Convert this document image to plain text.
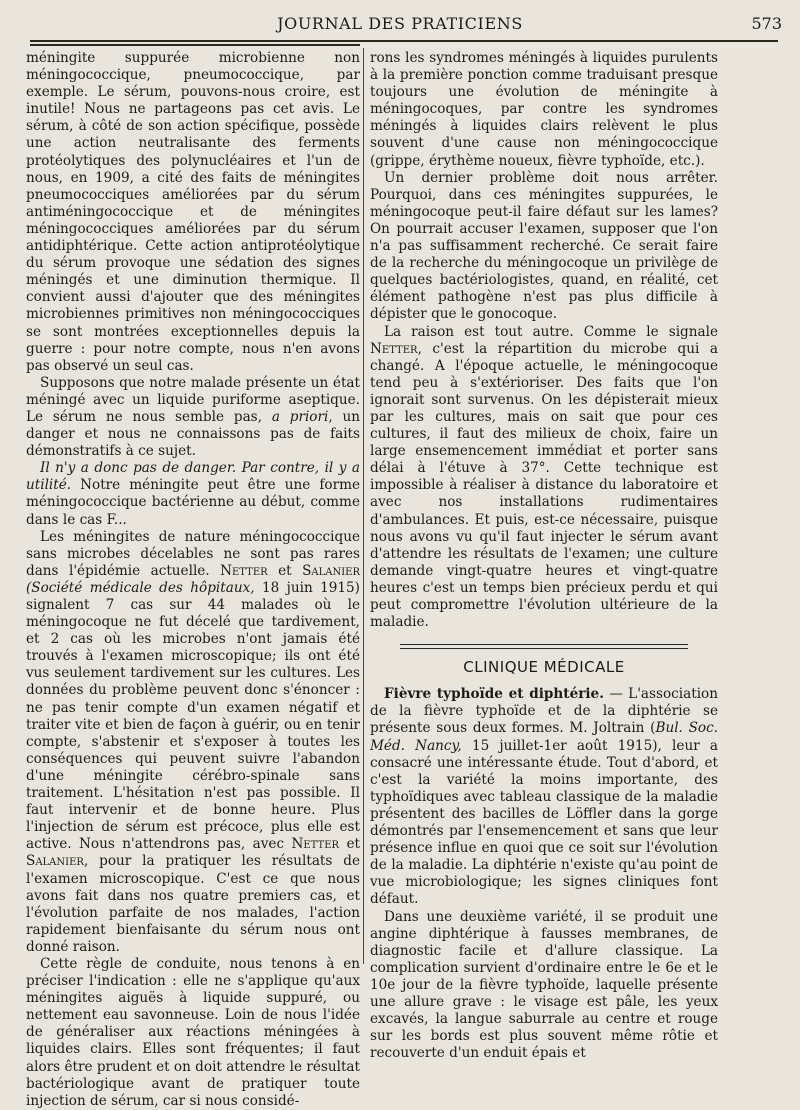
JOURNAL DES PRATICIENS	573

méningite suppurée microbienne non méningococcique, pneumococcique, par exemple. Le sérum, pouvons-nous croire, est inutile! Nous ne partageons pas cet avis. Le sérum, à côté de son action spécifique, possède une action neutralisante des ferments protéolytiques des polynucléaires et l'un de nous, en 1909, a cité des faits de méningites pneumococciques améliorées par du sérum antiméningococcique et de méningites méningococciques améliorées par du sérum antidiphtérique. Cette action antiprotéolytique du sérum provoque une sédation des signes méningés et une diminution thermique. Il convient aussi d'ajouter que des méningites microbiennes primitives non méningococciques se sont montrées exceptionnelles depuis la guerre : pour notre compte, nous n'en avons pas observé un seul cas.

Supposons que notre malade présente un état méningé avec un liquide puriforme aseptique. Le sérum ne nous semble pas, a priori, un danger et nous ne connaissons pas de faits démonstratifs à ce sujet.

Il n'y a donc pas de danger. Par contre, il y a utilité. Notre méningite peut être une forme méningococcique bactérienne au début, comme dans le cas F...

Les méningites de nature méningococcique sans microbes décelables ne sont pas rares dans l'épidémie actuelle. Netter et Salanier (Société médicale des hôpitaux, 18 juin 1915) signalent 7 cas sur 44 malades où le méningocoque ne fut décelé que tardivement, et 2 cas où les microbes n'ont jamais été trouvés à l'examen microscopique; ils ont été vus seulement tardivement sur les cultures. Les données du problème peuvent donc s'énoncer : ne pas tenir compte d'un examen négatif et traiter vite et bien de façon à guérir, ou en tenir compte, s'abstenir et s'exposer à toutes les conséquences qui peuvent suivre l'abandon d'une méningite cérébro-spinale sans traitement. L'hésitation n'est pas possible. Il faut intervenir et de bonne heure. Plus l'injection de sérum est précoce, plus elle est active. Nous n'attendrons pas, avec Netter et Salanier, pour la pratiquer les résultats de l'examen microscopique. C'est ce que nous avons fait dans nos quatre premiers cas, et l'évolution parfaite de nos malades, l'action rapidement bienfaisante du sérum nous ont donné raison.

Cette règle de conduite, nous tenons à en préciser l'indication : elle ne s'applique qu'aux méningites aiguës à liquide suppuré, ou nettement eau savonneuse. Loin de nous l'idée de généraliser aux réactions méningées à liquides clairs. Elles sont fréquentes; il faut alors être prudent et on doit attendre le résultat bactériologique avant de pratiquer toute injection de sérum, car si nous considé-

rons les syndromes méningés à liquides purulents à la première ponction comme traduisant presque toujours une évolution de méningite à méningocoques, par contre les syndromes méningés à liquides clairs relèvent le plus souvent d'une cause non méningococcique (grippe, érythème noueux, fièvre typhoïde, etc.).

Un dernier problème doit nous arrêter. Pourquoi, dans ces méningites suppurées, le méningocoque peut-il faire défaut sur les lames? On pourrait accuser l'examen, supposer que l'on n'a pas suffisamment recherché. Ce serait faire de la recherche du méningocoque un privilège de quelques bactériologistes, quand, en réalité, cet élément pathogène n'est pas plus difficile à dépister que le gonocoque.

La raison est tout autre. Comme le signale Netter, c'est la répartition du microbe qui a changé. A l'époque actuelle, le méningocoque tend peu à s'extérioriser. Des faits que l'on ignorait sont survenus. On les dépisterait mieux par les cultures, mais on sait que pour ces cultures, il faut des milieux de choix, faire un large ensemencement immédiat et porter sans délai à l'étuve à 37°. Cette technique est impossible à réaliser à distance du laboratoire et avec nos installations rudimentaires d'ambulances. Et puis, est-ce nécessaire, puisque nous avons vu qu'il faut injecter le sérum avant d'attendre les résultats de l'examen; une culture demande vingt-quatre heures et vingt-quatre heures c'est un temps bien précieux perdu et qui peut compromettre l'évolution ultérieure de la maladie.

CLINIQUE MÉDICALE

Fièvre typhoïde et diphtérie. — L'association de la fièvre typhoïde et de la diphtérie se présente sous deux formes. M. Joltrain (Bul. Soc. Méd. Nancy, 15 juillet-1er août 1915), leur a consacré une intéressante étude. Tout d'abord, et c'est la variété la moins importante, des typhoïdiques avec tableau classique de la maladie présentent des bacilles de Löffler dans la gorge démontrés par l'ensemencement et sans que leur présence influe en quoi que ce soit sur l'évolution de la maladie. La diphtérie n'existe qu'au point de vue microbiologique; les signes cliniques font défaut.

Dans une deuxième variété, il se produit une angine diphtérique à fausses membranes, de diagnostic facile et d'allure classique. La complication survient d'ordinaire entre le 6e et le 10e jour de la fièvre typhoïde, laquelle présente une allure grave : le visage est pâle, les yeux excavés, la langue saburrale au centre et rouge sur les bords est plus souvent même rôtie et recouverte d'un enduit épais et
